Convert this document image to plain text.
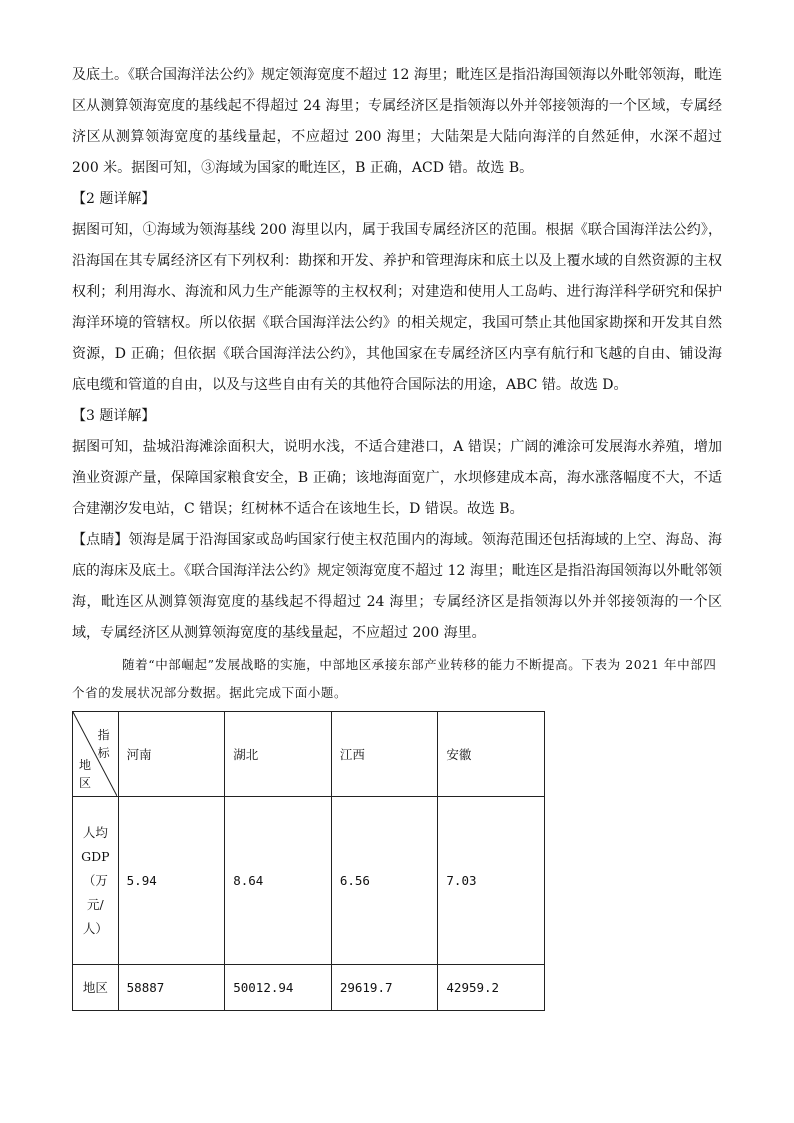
及底土。《联合国海洋法公约》规定领海宽度不超过 12 海里；毗连区是指沿海国领海以外毗邻领海，毗连区从测算领海宽度的基线起不得超过 24 海里；专属经济区是指领海以外并邻接领海的一个区域，专属经济区从测算领海宽度的基线量起，不应超过 200 海里；大陆架是大陆向海洋的自然延伸，水深不超过 200 米。据图可知，③海域为国家的毗连区，B 正确，ACD 错。故选 B。

【2 题详解】

据图可知，①海域为领海基线 200 海里以内，属于我国专属经济区的范围。根据《联合国海洋法公约》，沿海国在其专属经济区有下列权利：勘探和开发、养护和管理海床和底土以及上覆水域的自然资源的主权权利；利用海水、海流和风力生产能源等的主权权利；对建造和使用人工岛屿、进行海洋科学研究和保护海洋环境的管辖权。所以依据《联合国海洋法公约》的相关规定，我国可禁止其他国家勘探和开发其自然资源，D 正确；但依据《联合国海洋法公约》，其他国家在专属经济区内享有航行和飞越的自由、铺设海底电缆和管道的自由，以及与这些自由有关的其他符合国际法的用途，ABC 错。故选 D。

【3 题详解】

据图可知，盐城沿海滩涂面积大，说明水浅，不适合建港口，A 错误；广阔的滩涂可发展海水养殖，增加渔业资源产量，保障国家粮食安全，B 正确；该地海面宽广，水坝修建成本高，海水涨落幅度不大，不适合建潮汐发电站，C 错误；红树林不适合在该地生长，D 错误。故选 B。

【点睛】领海是属于沿海国家或岛屿国家行使主权范围内的海域。领海范围还包括海域的上空、海岛、海底的海床及底土。《联合国海洋法公约》规定领海宽度不超过 12 海里；毗连区是指沿海国领海以外毗邻领海，毗连区从测算领海宽度的基线起不得超过 24 海里；专属经济区是指领海以外并邻接领海的一个区域，专属经济区从测算领海宽度的基线量起，不应超过 200 海里。

随着“中部崛起”发展战略的实施，中部地区承接东部产业转移的能力不断提高。下表为 2021 年中部四个省的发展状况部分数据。据此完成下面小题。

指标
地区	河南	湖北	江西	安徽

人均
GDP
（万
元/
人）	5.94	8.64	6.56	7.03

地区	58887	50012.94	29619.7	42959.2
